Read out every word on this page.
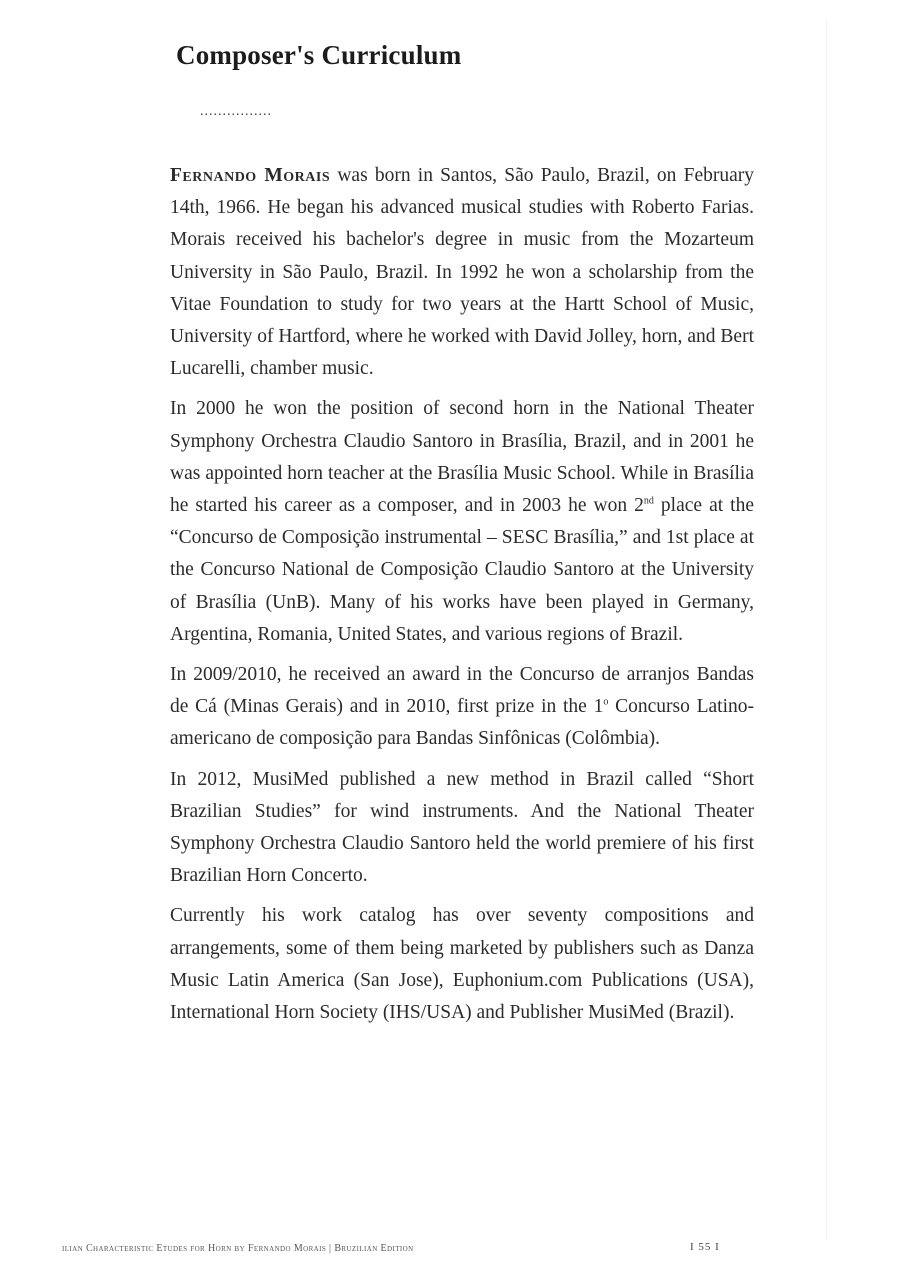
Composer's Curriculum
................

Fernando Morais was born in Santos, São Paulo, Brazil, on February 14th, 1966. He began his advanced musical studies with Roberto Farias. Morais received his bachelor's degree in music from the Mozarteum University in São Paulo, Brazil. In 1992 he won a scholarship from the Vitae Foundation to study for two years at the Hartt School of Music, University of Hartford, where he worked with David Jolley, horn, and Bert Lucarelli, chamber music.

In 2000 he won the position of second horn in the National Theater Symphony Orchestra Claudio Santoro in Brasília, Brazil, and in 2001 he was appointed horn teacher at the Brasília Music School. While in Brasília he started his career as a composer, and in 2003 he won 2nd place at the “Concurso de Composição instrumental – SESC Brasília,” and 1st place at the Concurso National de Composição Claudio Santoro at the University of Brasília (UnB). Many of his works have been played in Germany, Argentina, Romania, United States, and various regions of Brazil.

In 2009/2010, he received an award in the Concurso de arranjos Bandas de Cá (Minas Gerais) and in 2010, first prize in the 1$^o$ Concurso Latino-americano de composição para Bandas Sinfônicas (Colômbia).

In 2012, MusiMed published a new method in Brazil called “Short Brazilian Studies” for wind instruments. And the National Theater Symphony Orchestra Claudio Santoro held the world premiere of his first Brazilian Horn Concerto.

Currently his work catalog has over seventy compositions and arrangements, some of them being marketed by publishers such as Danza Music Latin America (San Jose), Euphonium.com Publications (USA), International Horn Society (IHS/USA) and Publisher MusiMed (Brazil).

ilian Characteristic Etudes for Horn by Fernando Morais | Bruzilian Edition	I 55 I
